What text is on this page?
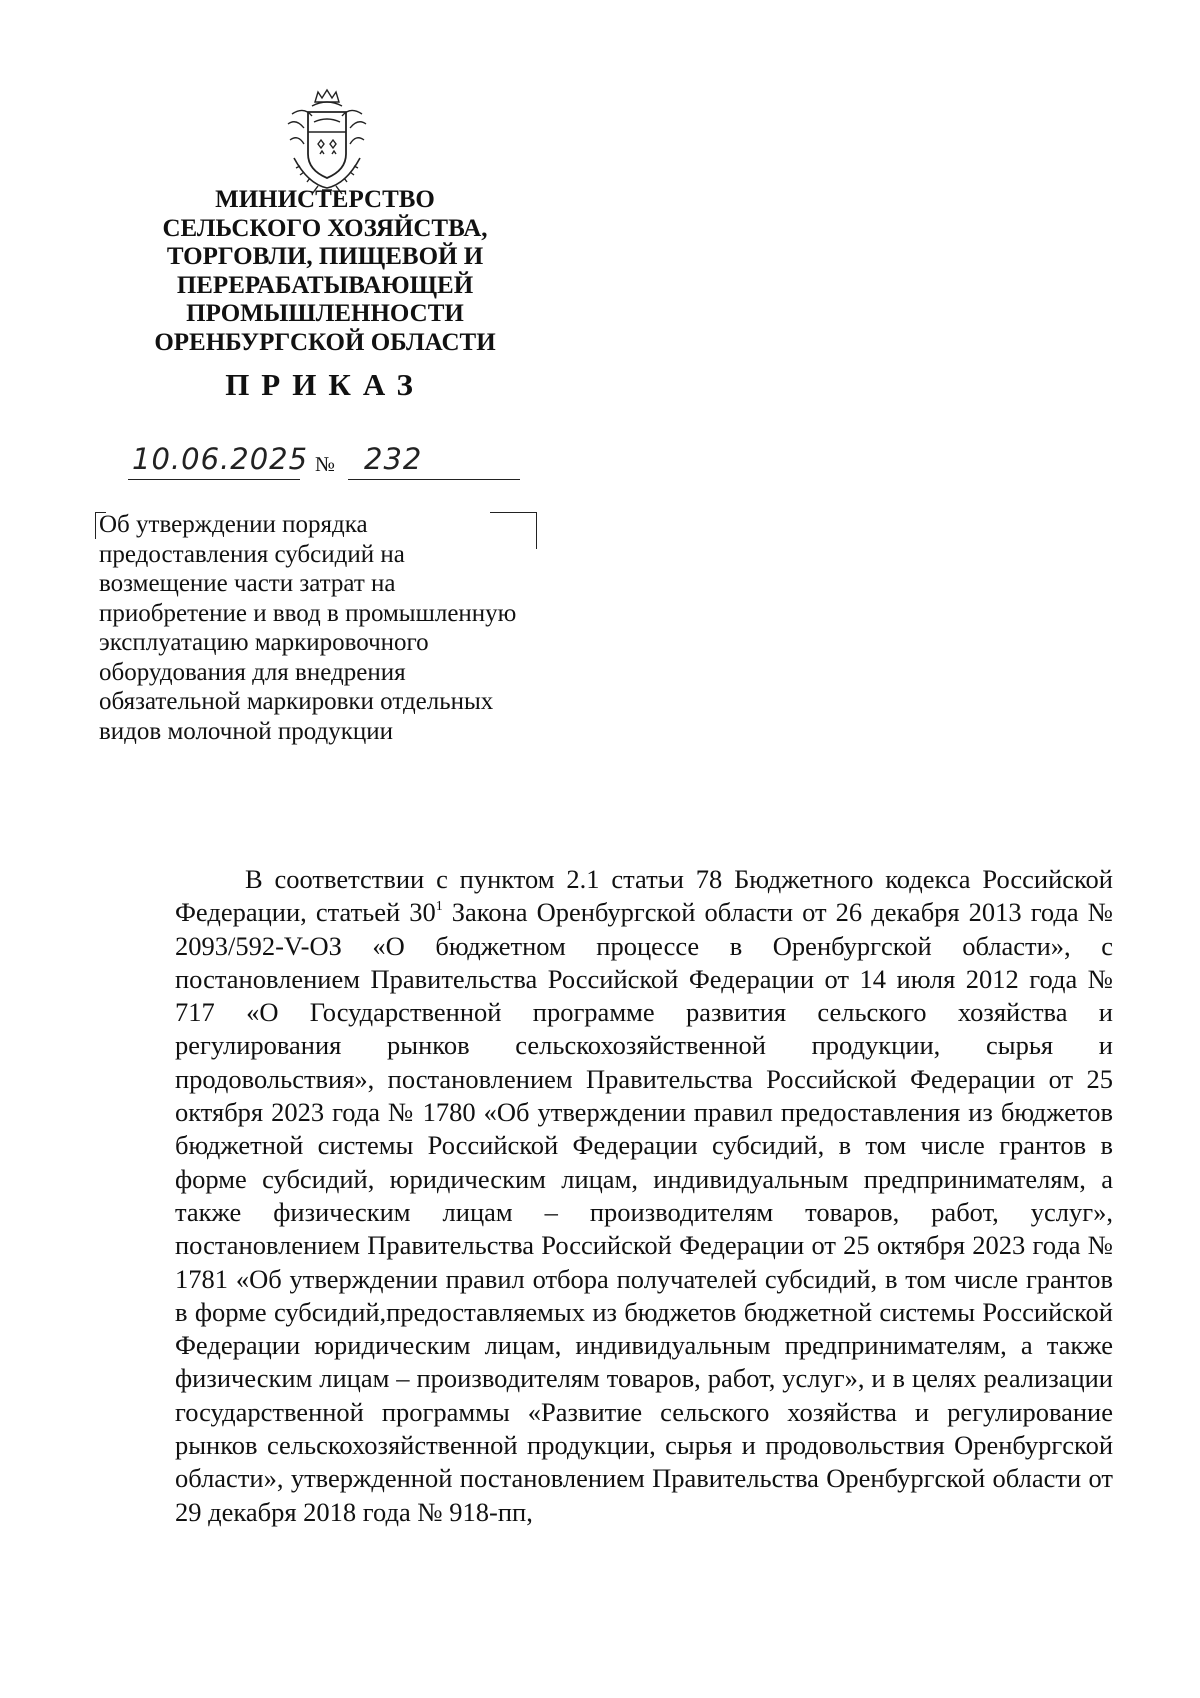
МИНИСТЕРСТВО
СЕЛЬСКОГО ХОЗЯЙСТВА,
ТОРГОВЛИ, ПИЩЕВОЙ И
ПЕРЕРАБАТЫВАЮЩЕЙ
ПРОМЫШЛЕННОСТИ
ОРЕНБУРГСКОЙ ОБЛАСТИ
ПРИКАЗ
10.06.2025 № 232
Об утверждении порядка
предоставления субсидий на
возмещение части затрат на
приобретение и ввод в промышленную
эксплуатацию маркировочного
оборудования для внедрения
обязательной маркировки отдельных
видов молочной продукции
В соответствии с пунктом 2.1 статьи 78 Бюджетного кодекса Российской Федерации, статьей $30^1$ Закона Оренбургской области от 26 декабря 2013 года № 2093/592-V-ОЗ «О бюджетном процессе в Оренбургской области», с постановлением Правительства Российской Федерации от 14 июля 2012 года № 717 «О Государственной программе развития сельского хозяйства и регулирования рынков сельскохозяйственной продукции, сырья и продовольствия», постановлением Правительства Российской Федерации от 25 октября 2023 года № 1780 «Об утверждении правил предоставления из бюджетов бюджетной системы Российской Федерации субсидий, в том числе грантов в форме субсидий, юридическим лицам, индивидуальным предпринимателям, а также физическим лицам – производителям товаров, работ, услуг», постановлением Правительства Российской Федерации от 25 октября 2023 года № 1781 «Об утверждении правил отбора получателей субсидий, в том числе грантов в форме субсидий,предоставляемых из бюджетов бюджетной системы Российской Федерации юридическим лицам, индивидуальным предпринимателям, а также физическим лицам – производителям товаров, работ, услуг», и в целях реализации государственной программы «Развитие сельского хозяйства и регулирование рынков сельскохозяйственной продукции, сырья и продовольствия Оренбургской области», утвержденной постановлением Правительства Оренбургской области от 29 декабря 2018 года № 918-пп,
